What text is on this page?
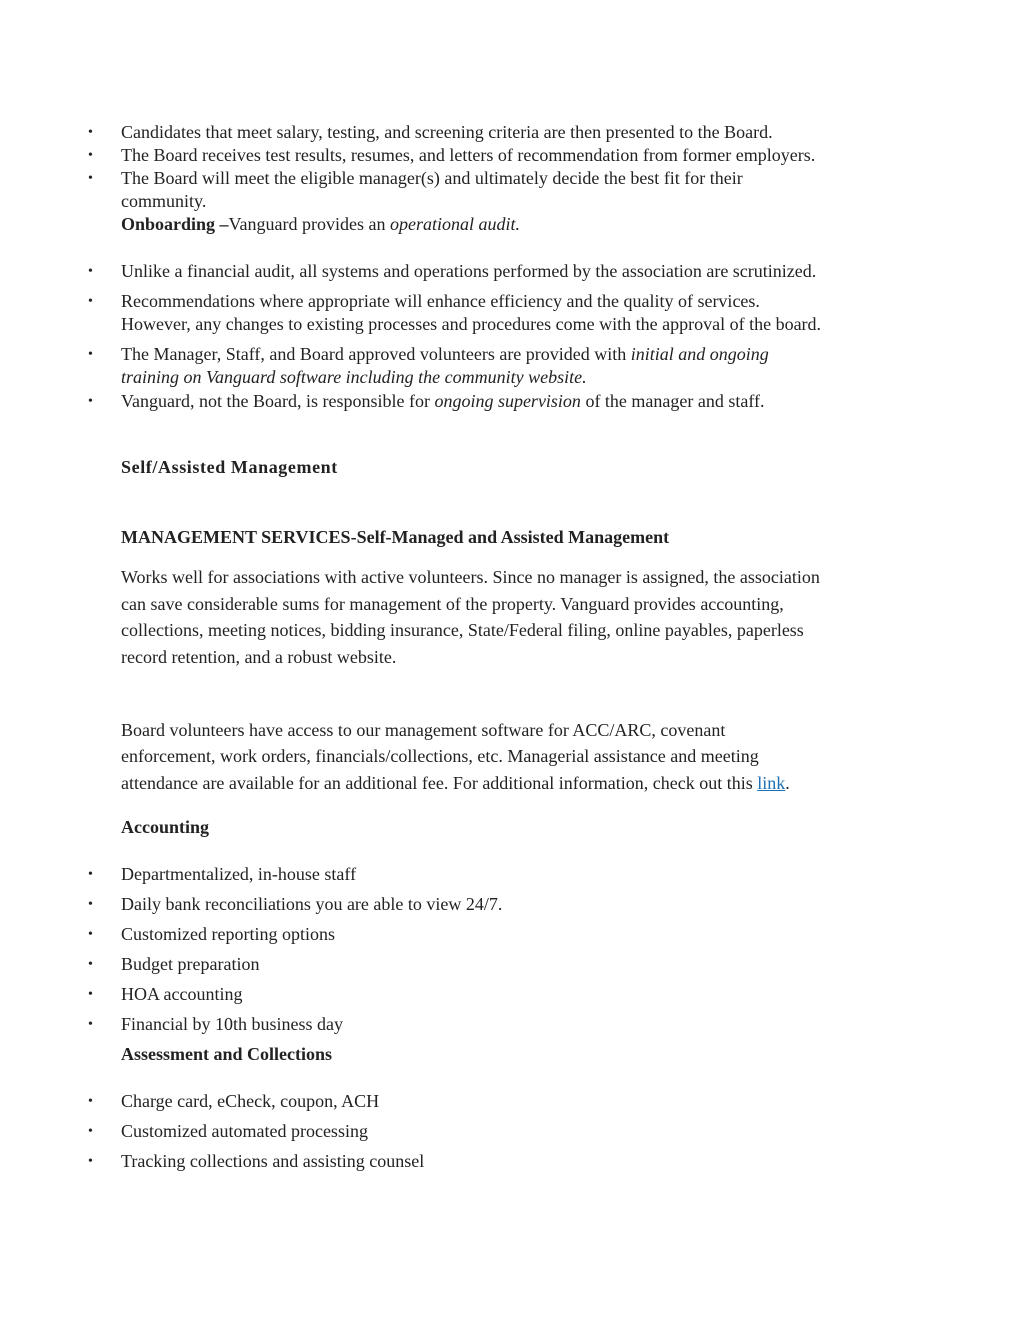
• Candidates that meet salary, testing, and screening criteria are then presented to the Board.
• The Board receives test results, resumes, and letters of recommendation from former employers.
• The Board will meet the eligible manager(s) and ultimately decide the best fit for their
community.
Onboarding –Vanguard provides an operational audit.
• Unlike a financial audit, all systems and operations performed by the association are scrutinized.
• Recommendations where appropriate will enhance efficiency and the quality of services.
However, any changes to existing processes and procedures come with the approval of the board.
• The Manager, Staff, and Board approved volunteers are provided with initial and ongoing
training on Vanguard software including the community website.
• Vanguard, not the Board, is responsible for ongoing supervision of the manager and staff.
Self/Assisted Management
MANAGEMENT SERVICES-Self-Managed and Assisted Management
Works well for associations with active volunteers. Since no manager is assigned, the association
can save considerable sums for management of the property. Vanguard provides accounting,
collections, meeting notices, bidding insurance, State/Federal filing, online payables, paperless
record retention, and a robust website.
Board volunteers have access to our management software for ACC/ARC, covenant
enforcement, work orders, financials/collections, etc. Managerial assistance and meeting
attendance are available for an additional fee. For additional information, check out this link.
Accounting
• Departmentalized, in-house staff
• Daily bank reconciliations you are able to view 24/7.
• Customized reporting options
• Budget preparation
• HOA accounting
• Financial by 10th business day
Assessment and Collections
• Charge card, eCheck, coupon, ACH
• Customized automated processing
• Tracking collections and assisting counsel
